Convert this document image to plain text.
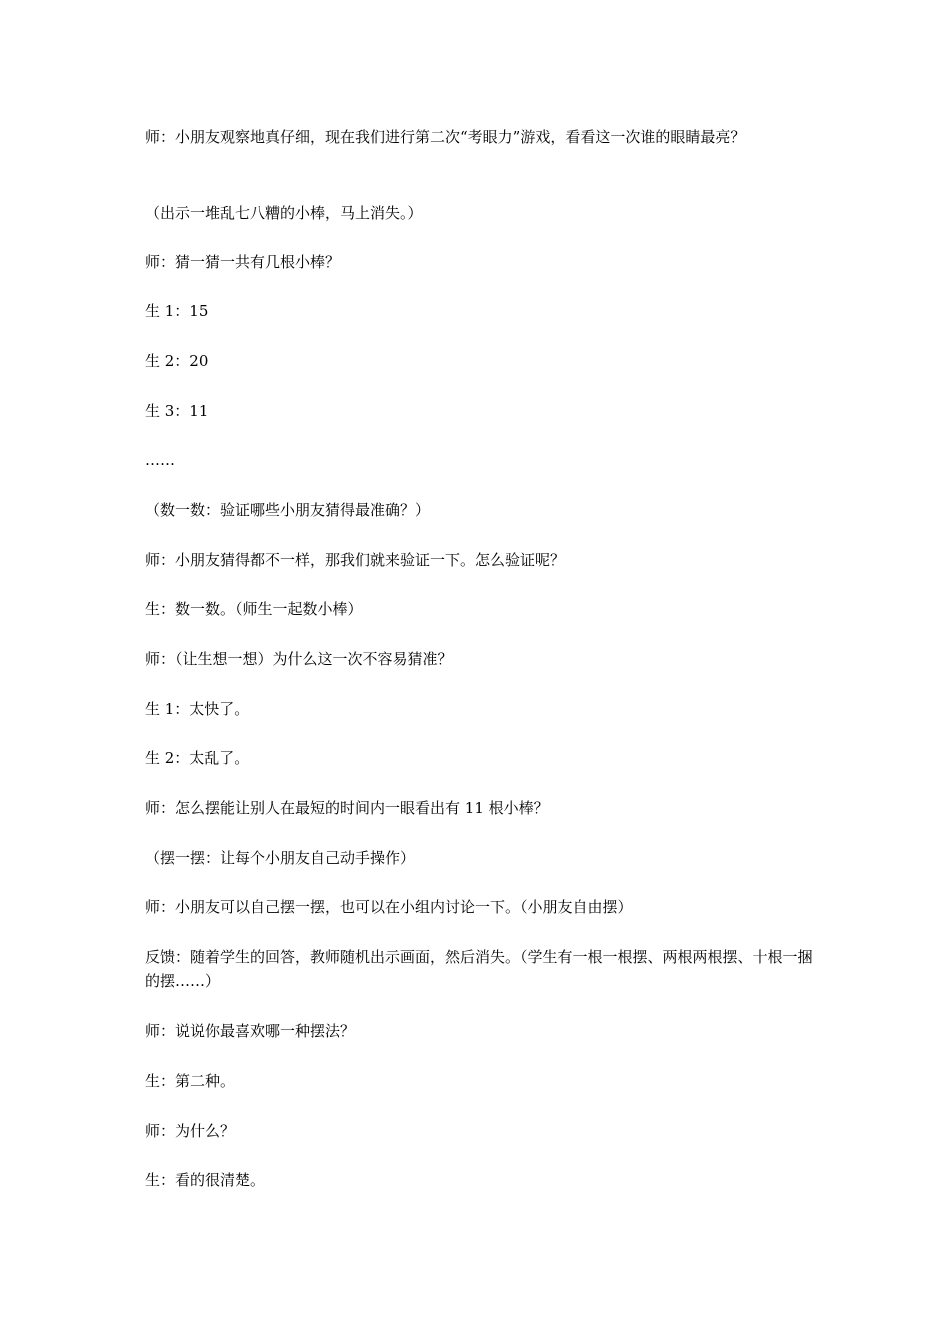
师：小朋友观察地真仔细，现在我们进行第二次“考眼力”游戏，看看这一次谁的眼睛最亮？
（出示一堆乱七八糟的小棒，马上消失。）
师：猜一猜一共有几根小棒？
生 1：15
生 2：20
生 3：11
……
（数一数：验证哪些小朋友猜得最准确？）
师：小朋友猜得都不一样，那我们就来验证一下。怎么验证呢？
生：数一数。（师生一起数小棒）
师：（让生想一想）为什么这一次不容易猜准？
生 1：太快了。
生 2：太乱了。
师：怎么摆能让别人在最短的时间内一眼看出有 11 根小棒？
（摆一摆：让每个小朋友自己动手操作）
师：小朋友可以自己摆一摆，也可以在小组内讨论一下。（小朋友自由摆）
反馈：随着学生的回答，教师随机出示画面，然后消失。（学生有一根一根摆、两根两根摆、十根一捆的摆……）
师：说说你最喜欢哪一种摆法？
生：第二种。
师：为什么？
生：看的很清楚。
